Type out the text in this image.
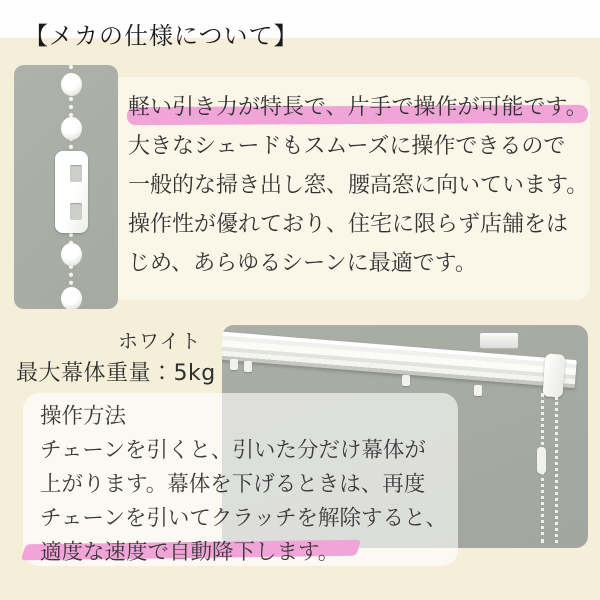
【メカの仕様について】
軽い引き力が特長で、片手で操作が可能です。
大きなシェードもスムーズに操作できるので
一般的な掃き出し窓、腰高窓に向いています。
操作性が優れており、住宅に限らず店舗をは
じめ、あらゆるシーンに最適です。
ホワイト
最大幕体重量：5kg
操作方法
チェーンを引くと、引いた分だけ幕体が
上がります。幕体を下げるときは、再度
チェーンを引いてクラッチを解除すると、
適度な速度で自動降下します。
